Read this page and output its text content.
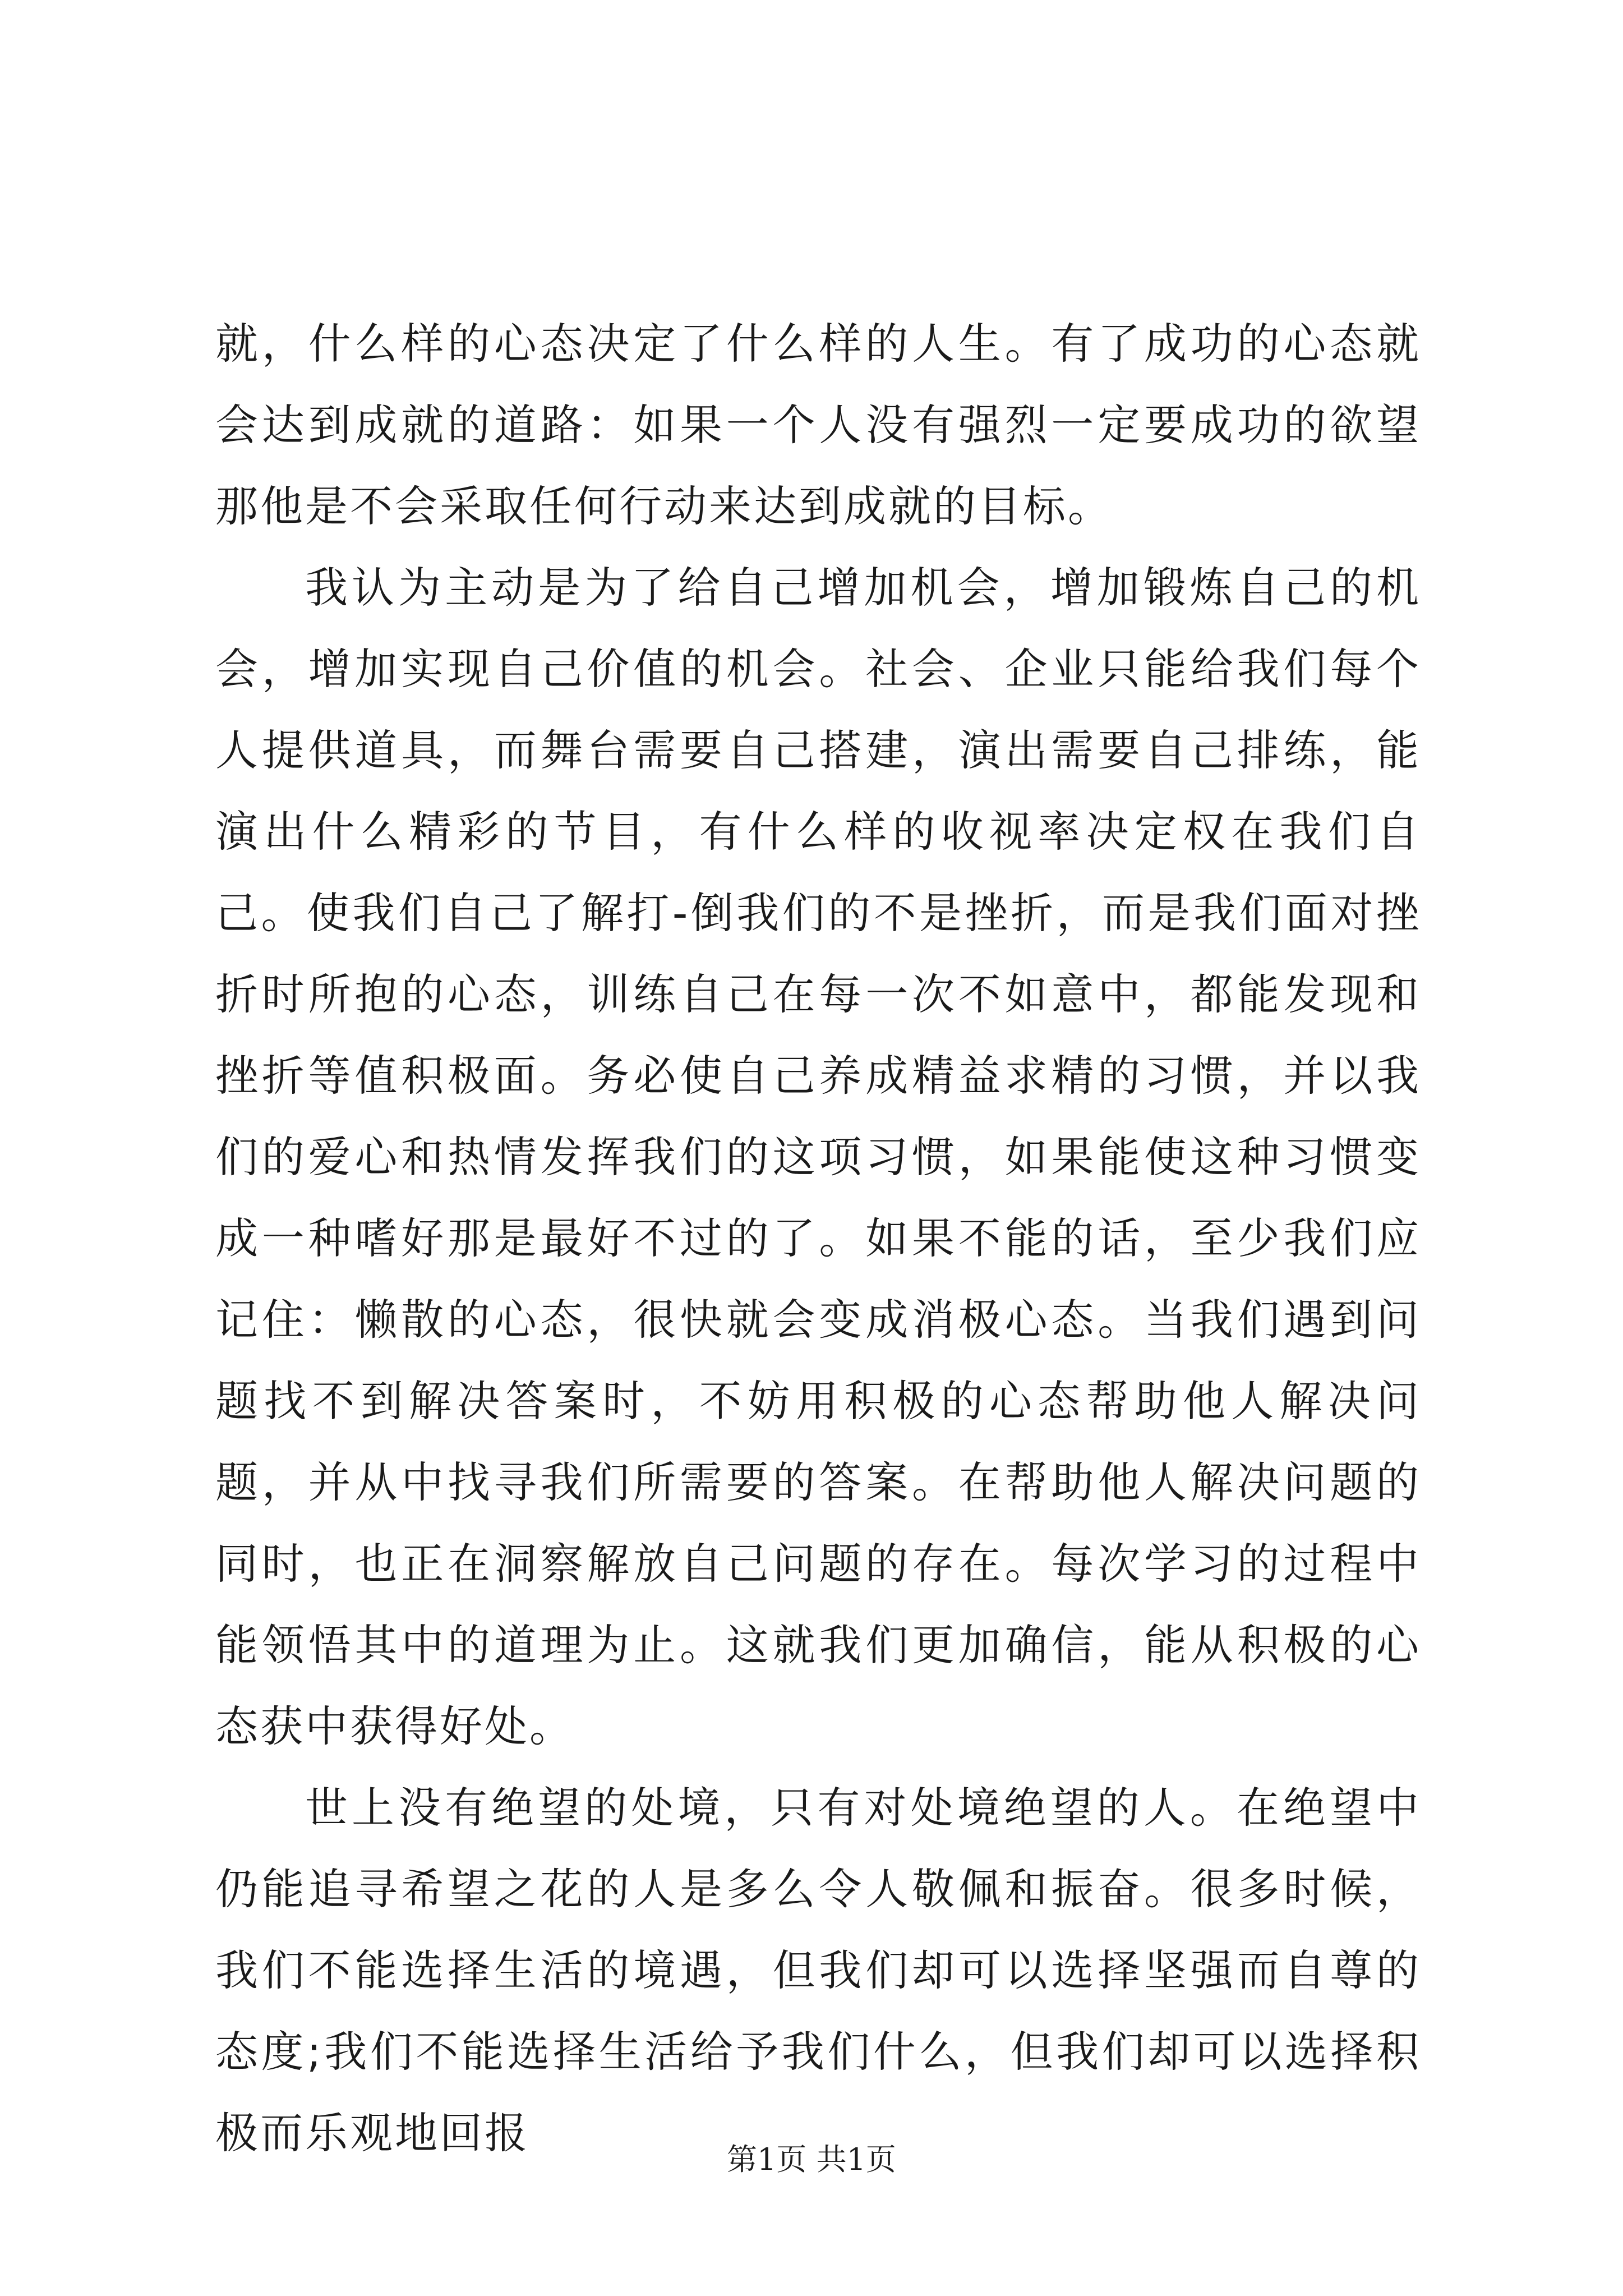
就，什么样的心态决定了什么样的人生。有了成功的心态就会达到成就的道路：如果一个人没有强烈一定要成功的欲望那他是不会采取任何行动来达到成就的目标。

我认为主动是为了给自己增加机会，增加锻炼自己的机会，增加实现自己价值的机会。社会、企业只能给我们每个人提供道具，而舞台需要自己搭建，演出需要自己排练，能演出什么精彩的节目，有什么样的收视率决定权在我们自己。使我们自己了解打-倒我们的不是挫折，而是我们面对挫折时所抱的心态，训练自己在每一次不如意中，都能发现和挫折等值积极面。务必使自己养成精益求精的习惯，并以我们的爱心和热情发挥我们的这项习惯，如果能使这种习惯变成一种嗜好那是最好不过的了。如果不能的话，至少我们应记住：懒散的心态，很快就会变成消极心态。当我们遇到问题找不到解决答案时，不妨用积极的心态帮助他人解决问题，并从中找寻我们所需要的答案。在帮助他人解决问题的同时，也正在洞察解放自己问题的存在。每次学习的过程中能领悟其中的道理为止。这就我们更加确信，能从积极的心态获中获得好处。

世上没有绝望的处境，只有对处境绝望的人。在绝望中仍能追寻希望之花的人是多么令人敬佩和振奋。很多时候，我们不能选择生活的境遇，但我们却可以选择坚强而自尊的态度;我们不能选择生活给予我们什么，但我们却可以选择积极而乐观地回报

第1页 共1页
